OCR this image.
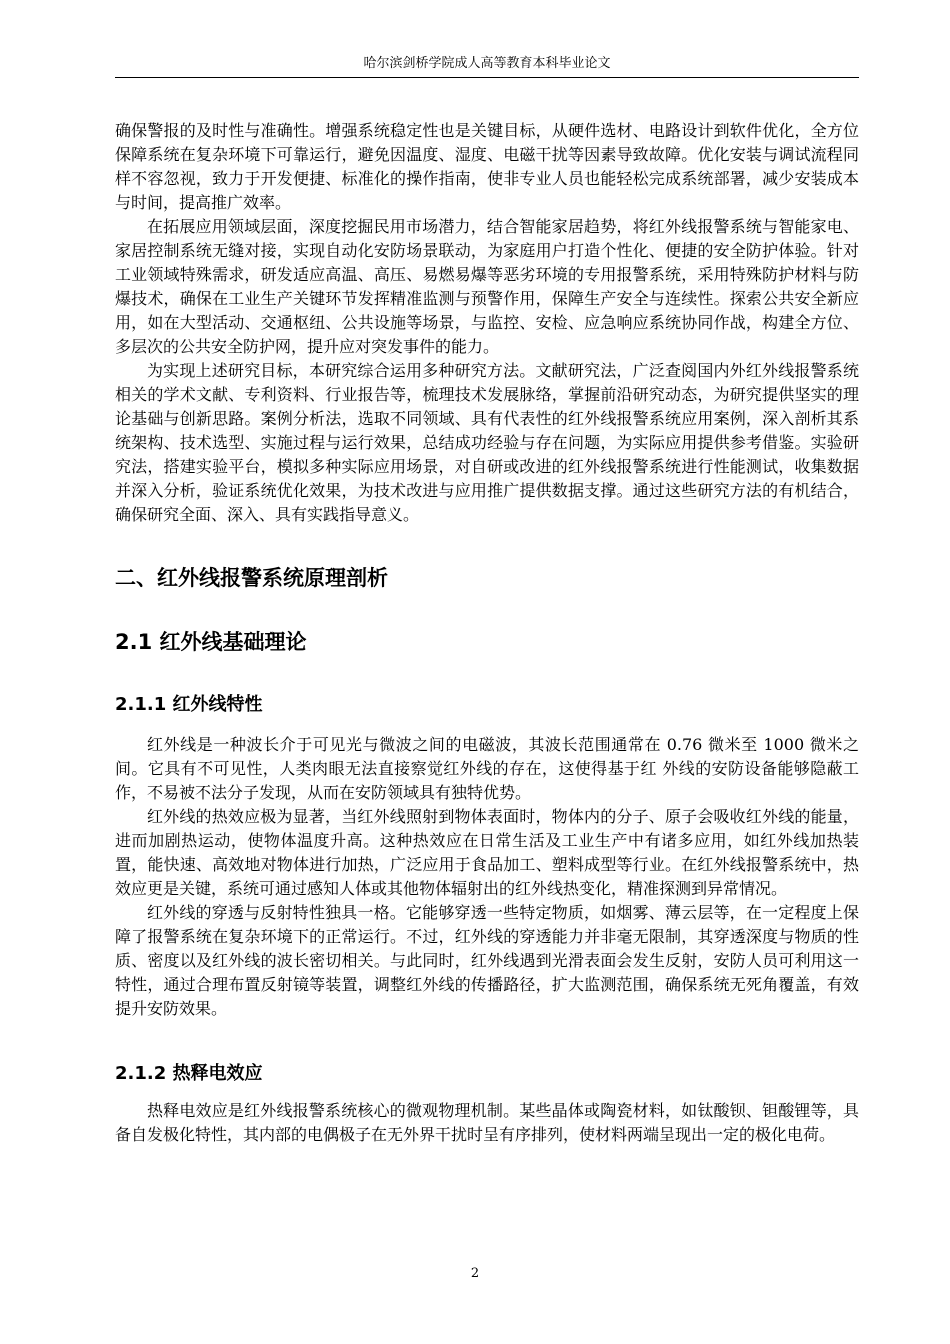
哈尔滨剑桥学院成人高等教育本科毕业论文

确保警报的及时性与准确性。增强系统稳定性也是关键目标，从硬件选材、电路设计到软件优化，全方位保障系统在复杂环境下可靠运行，避免因温度、湿度、电磁干扰等因素导致故障。优化安装与调试流程同样不容忽视，致力于开发便捷、标准化的操作指南，使非专业人员也能轻松完成系统部署，减少安装成本与时间，提高推广效率。

在拓展应用领域层面，深度挖掘民用市场潜力，结合智能家居趋势，将红外线报警系统与智能家电、家居控制系统无缝对接，实现自动化安防场景联动，为家庭用户打造个性化、便捷的安全防护体验。针对工业领域特殊需求，研发适应高温、高压、易燃易爆等恶劣环境的专用报警系统，采用特殊防护材料与防爆技术，确保在工业生产关键环节发挥精准监测与预警作用，保障生产安全与连续性。探索公共安全新应用，如在大型活动、交通枢纽、公共设施等场景，与监控、安检、应急响应系统协同作战，构建全方位、多层次的公共安全防护网，提升应对突发事件的能力。

为实现上述研究目标，本研究综合运用多种研究方法。文献研究法，广泛查阅国内外红外线报警系统相关的学术文献、专利资料、行业报告等，梳理技术发展脉络，掌握前沿研究动态，为研究提供坚实的理论基础与创新思路。案例分析法，选取不同领域、具有代表性的红外线报警系统应用案例，深入剖析其系统架构、技术选型、实施过程与运行效果，总结成功经验与存在问题，为实际应用提供参考借鉴。实验研究法，搭建实验平台，模拟多种实际应用场景，对自研或改进的红外线报警系统进行性能测试，收集数据并深入分析，验证系统优化效果，为技术改进与应用推广提供数据支撑。通过这些研究方法的有机结合，确保研究全面、深入、具有实践指导意义。

二、红外线报警系统原理剖析
2.1 红外线基础理论
2.1.1 红外线特性

红外线是一种波长介于可见光与微波之间的电磁波，其波长范围通常在 0.76 微米至 1000 微米之间。它具有不可见性，人类肉眼无法直接察觉红外线的存在，这使得基于红 外线的安防设备能够隐蔽工作，不易被不法分子发现，从而在安防领域具有独特优势。

红外线的热效应极为显著，当红外线照射到物体表面时，物体内的分子、原子会吸收红外线的能量，进而加剧热运动，使物体温度升高。这种热效应在日常生活及工业生产中有诸多应用，如红外线加热装置，能快速、高效地对物体进行加热，广泛应用于食品加工、塑料成型等行业。在红外线报警系统中，热效应更是关键，系统可通过感知人体或其他物体辐射出的红外线热变化，精准探测到异常情况。

红外线的穿透与反射特性独具一格。它能够穿透一些特定物质，如烟雾、薄云层等，在一定程度上保障了报警系统在复杂环境下的正常运行。不过，红外线的穿透能力并非毫无限制，其穿透深度与物质的性质、密度以及红外线的波长密切相关。与此同时，红外线遇到光滑表面会发生反射，安防人员可利用这一特性，通过合理布置反射镜等装置，调整红外线的传播路径，扩大监测范围，确保系统无死角覆盖，有效提升安防效果。

2.1.2 热释电效应

热释电效应是红外线报警系统核心的微观物理机制。某些晶体或陶瓷材料，如钛酸钡、钽酸锂等，具备自发极化特性，其内部的电偶极子在无外界干扰时呈有序排列，使材料两端呈现出一定的极化电荷。

2
